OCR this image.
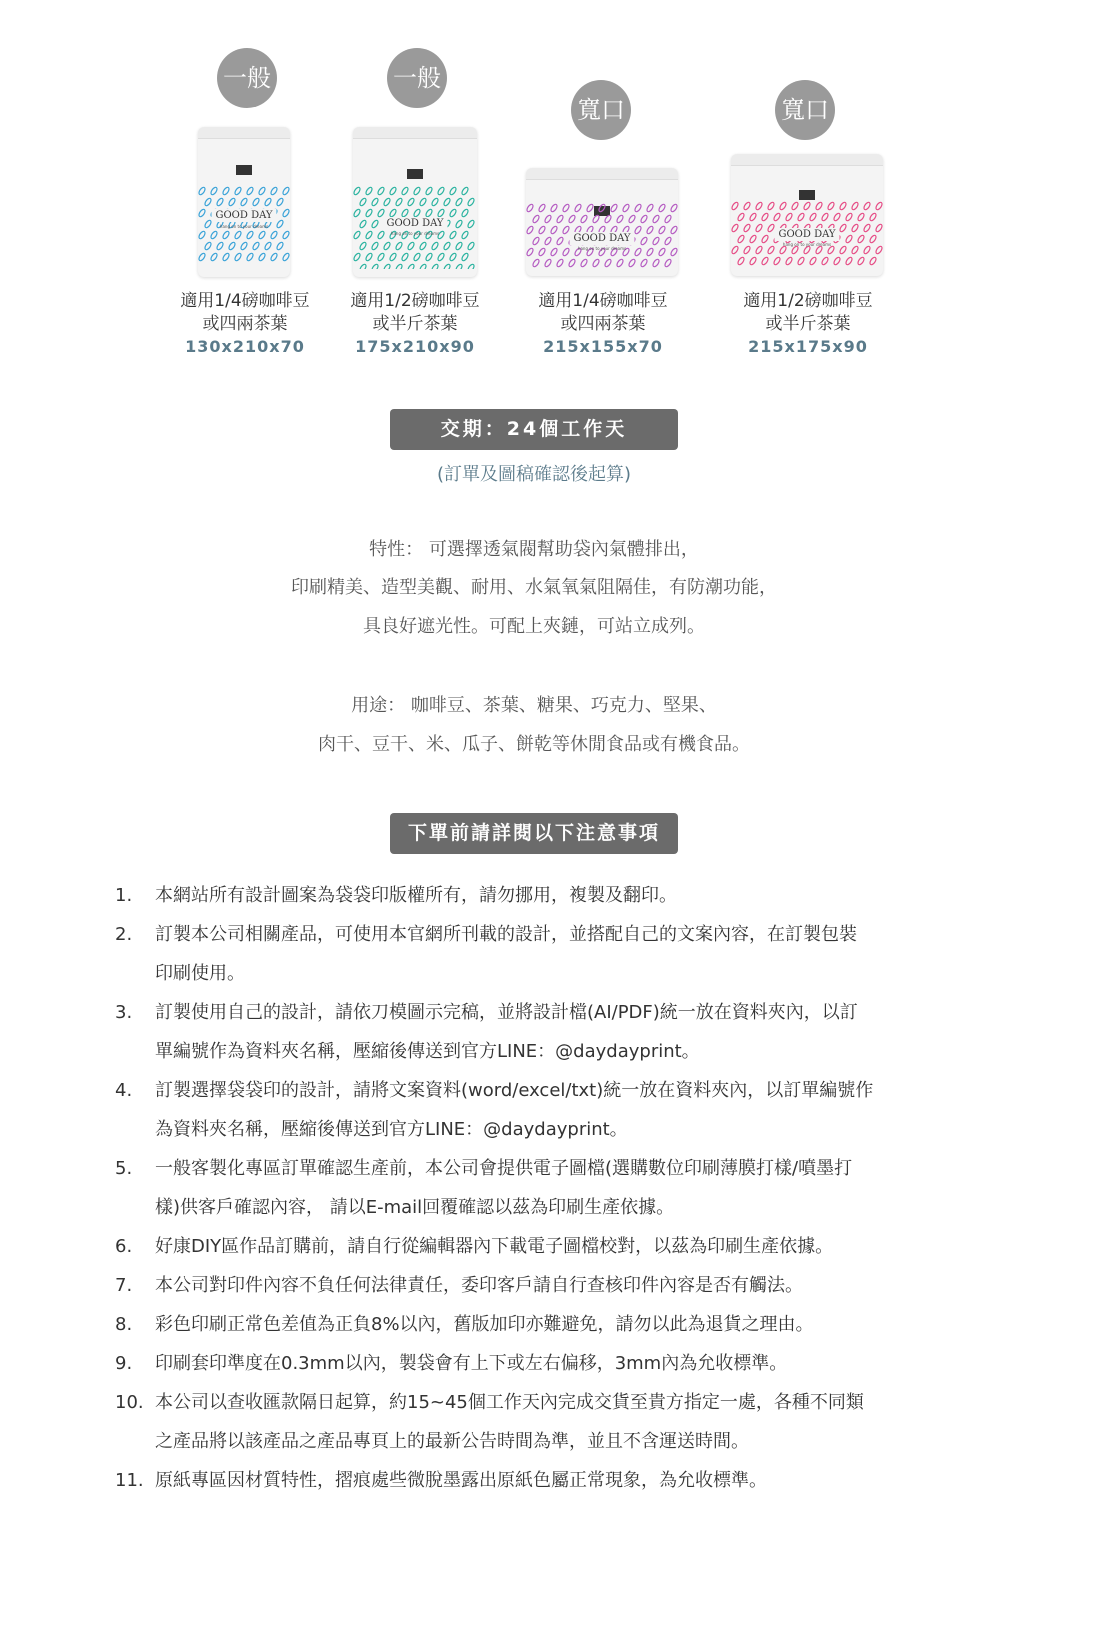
一般
GOOD DAY
hang on to your dreams
適用1/4磅咖啡豆
或四兩茶葉
130x210x70
一般
GOOD DAY
hang on to your dreams
適用1/2磅咖啡豆
或半斤茶葉
175x210x90
寬口
GOOD DAY
hang on to your dreams
適用1/4磅咖啡豆
或四兩茶葉
215x155x70
寬口
GOOD DAY
hang on to your dreams
適用1/2磅咖啡豆
或半斤茶葉
215x175x90
交期：24個工作天
(訂單及圖稿確認後起算)
特性： 可選擇透氣閥幫助袋內氣體排出，
印刷精美、造型美觀、耐用、水氣氧氣阻隔佳，有防潮功能，
具良好遮光性。可配上夾鏈，可站立成列。
用途： 咖啡豆、茶葉、糖果、巧克力、堅果、
肉干、豆干、米、瓜子、餅乾等休閒食品或有機食品。
下單前請詳閱以下注意事項
1.	本網站所有設計圖案為袋袋印版權所有，請勿挪用，複製及翻印。
2.	訂製本公司相關產品，可使用本官網所刊載的設計，並搭配自己的文案內容，在訂製包裝
印刷使用。
3.	訂製使用自己的設計，請依刀模圖示完稿，並將設計檔(AI/PDF)統一放在資料夾內，以訂
單編號作為資料夾名稱，壓縮後傳送到官方LINE：@daydayprint。
4.	訂製選擇袋袋印的設計，請將文案資料(word/excel/txt)統一放在資料夾內，以訂單編號作
為資料夾名稱，壓縮後傳送到官方LINE：@daydayprint。
5.	一般客製化專區訂單確認生產前，本公司會提供電子圖檔(選購數位印刷薄膜打樣/噴墨打
樣)供客戶確認內容， 請以E-mail回覆確認以茲為印刷生產依據。
6.	好康DIY區作品訂購前，請自行從編輯器內下載電子圖檔校對，以茲為印刷生產依據。
7.	本公司對印件內容不負任何法律責任，委印客戶請自行查核印件內容是否有觸法。
8.	彩色印刷正常色差值為正負8%以內，舊版加印亦難避免，請勿以此為退貨之理由。
9.	印刷套印準度在0.3mm以內，製袋會有上下或左右偏移，3mm內為允收標準。
10. 本公司以查收匯款隔日起算，約15~45個工作天內完成交貨至貴方指定一處，各種不同類
之產品將以該產品之產品專頁上的最新公告時間為準，並且不含運送時間。
11. 原紙專區因材質特性，摺痕處些微脫墨露出原紙色屬正常現象，為允收標準。
